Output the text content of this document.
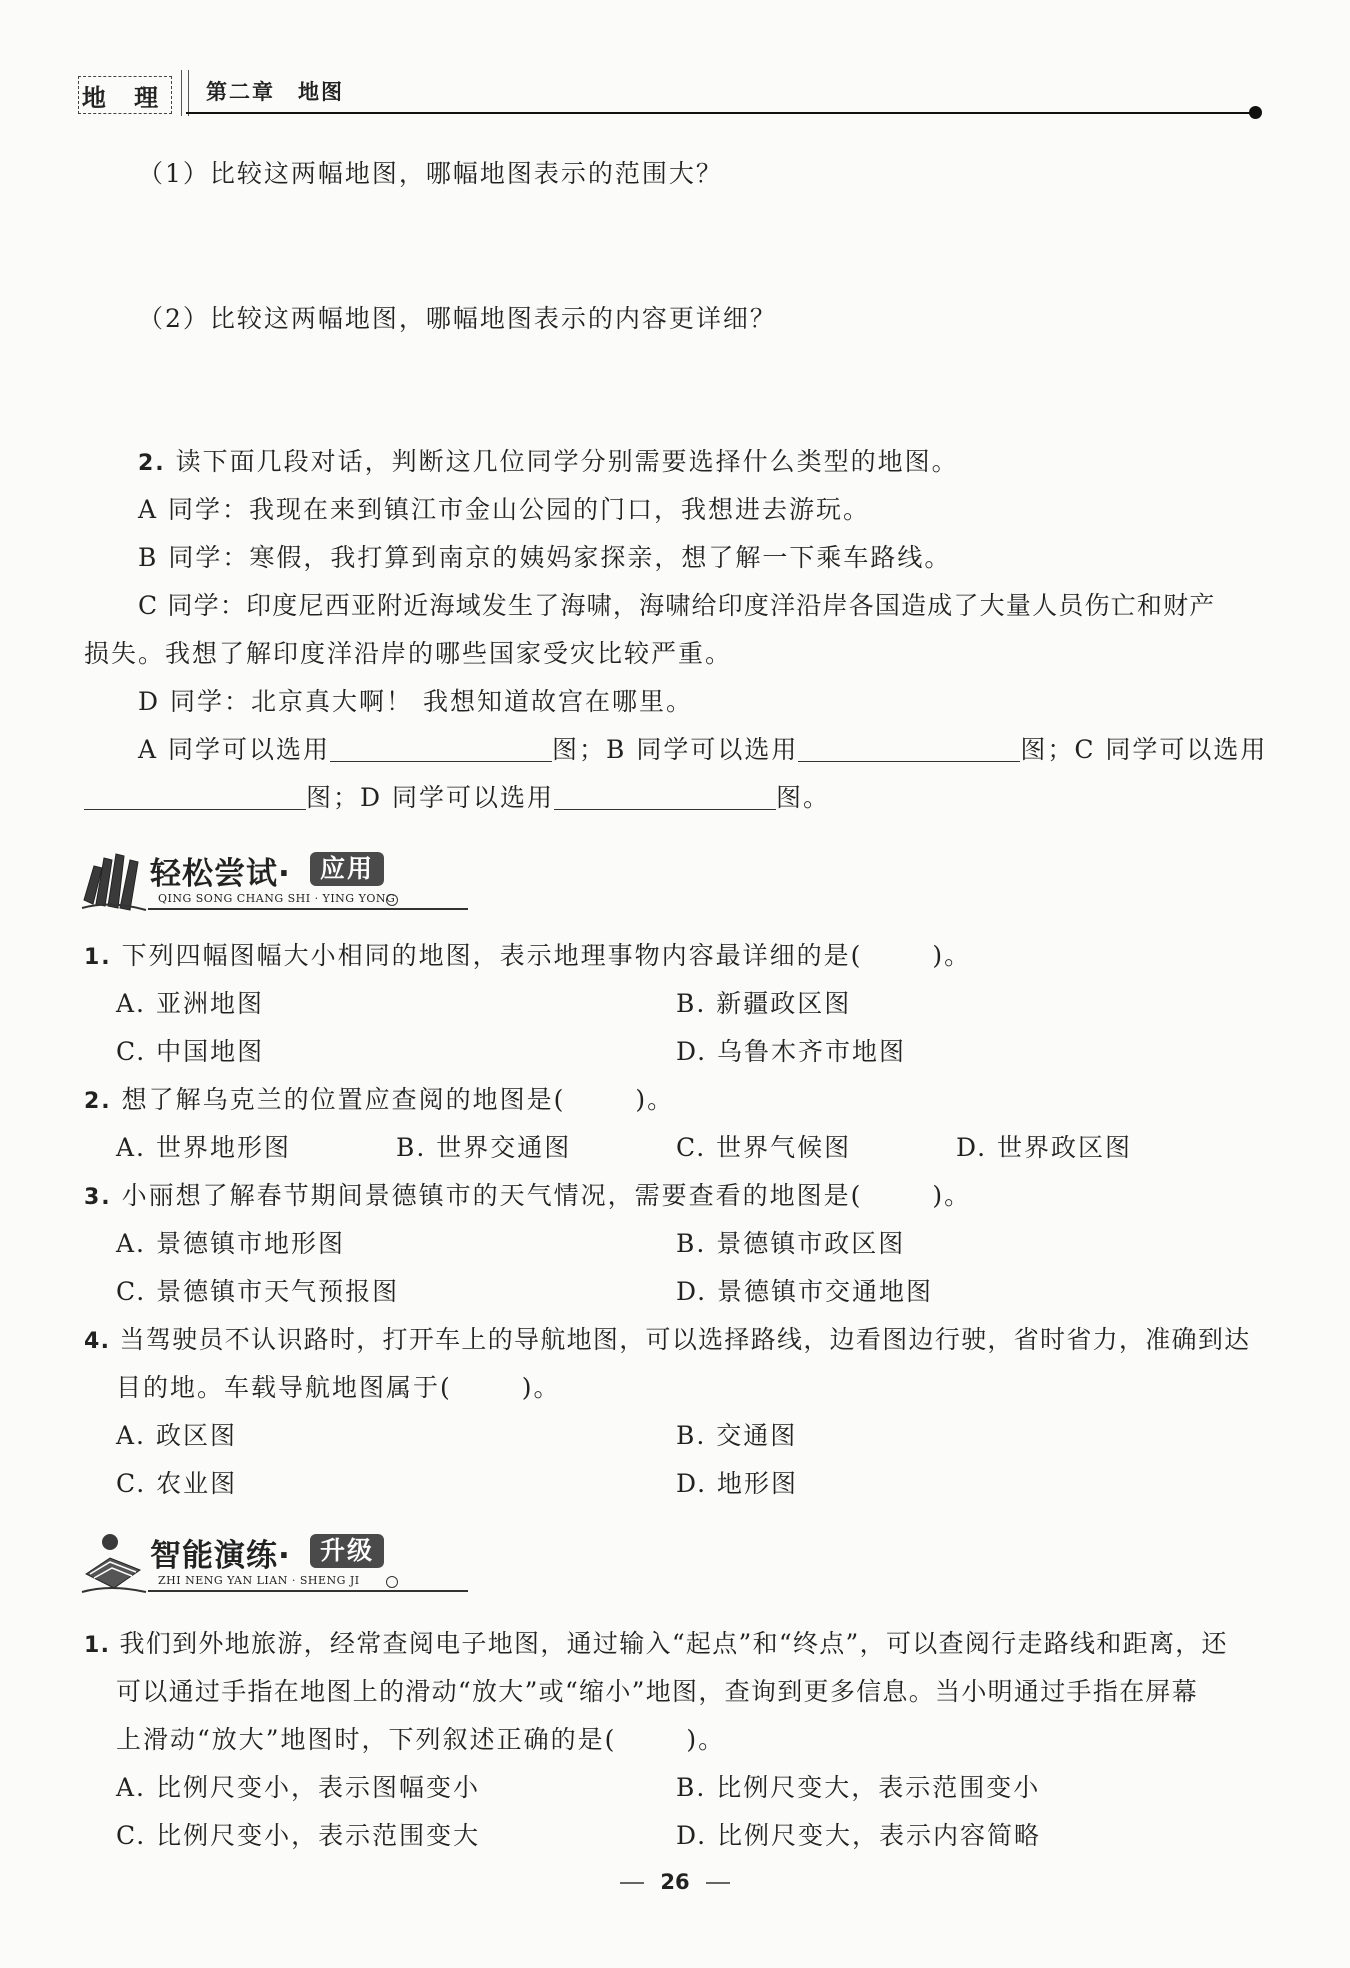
地 理 第二章　地图
（1）比较这两幅地图，哪幅地图表示的范围大？
（2）比较这两幅地图，哪幅地图表示的内容更详细？
2. 读下面几段对话，判断这几位同学分别需要选择什么类型的地图。
A 同学：我现在来到镇江市金山公园的门口，我想进去游玩。
B 同学：寒假，我打算到南京的姨妈家探亲，想了解一下乘车路线。
C 同学：印度尼西亚附近海域发生了海啸，海啸给印度洋沿岸各国造成了大量人员伤亡和财产
损失。我想了解印度洋沿岸的哪些国家受灾比较严重。
D 同学：北京真大啊！ 我想知道故宫在哪里。
A 同学可以选用	图；B 同学可以选用	图；C 同学可以选用
图；D 同学可以选用	图。
轻松尝试·	应用
QING SONG CHANG SHI · YING YONG
1. 下列四幅图幅大小相同的地图，表示地理事物内容最详细的是(	)。
A. 亚洲地图	B. 新疆政区图
C. 中国地图	D. 乌鲁木齐市地图
2. 想了解乌克兰的位置应查阅的地图是(	)。
A. 世界地形图	B. 世界交通图	C. 世界气候图	D. 世界政区图
3. 小丽想了解春节期间景德镇市的天气情况，需要查看的地图是(	)。
A. 景德镇市地形图	B. 景德镇市政区图
C. 景德镇市天气预报图	D. 景德镇市交通地图
4. 当驾驶员不认识路时，打开车上的导航地图，可以选择路线，边看图边行驶，省时省力，准确到达
目的地。车载导航地图属于(	)。
A. 政区图	B. 交通图
C. 农业图	D. 地形图
智能演练·	升级
ZHI NENG YAN LIAN · SHENG JI
1. 我们到外地旅游，经常查阅电子地图，通过输入“起点”和“终点”，可以查阅行走路线和距离，还
可以通过手指在地图上的滑动“放大”或“缩小”地图，查询到更多信息。当小明通过手指在屏幕
上滑动“放大”地图时，下列叙述正确的是(	)。
A. 比例尺变小，表示图幅变小	B. 比例尺变大，表示范围变小
C. 比例尺变小，表示范围变大	D. 比例尺变大，表示内容简略
26
